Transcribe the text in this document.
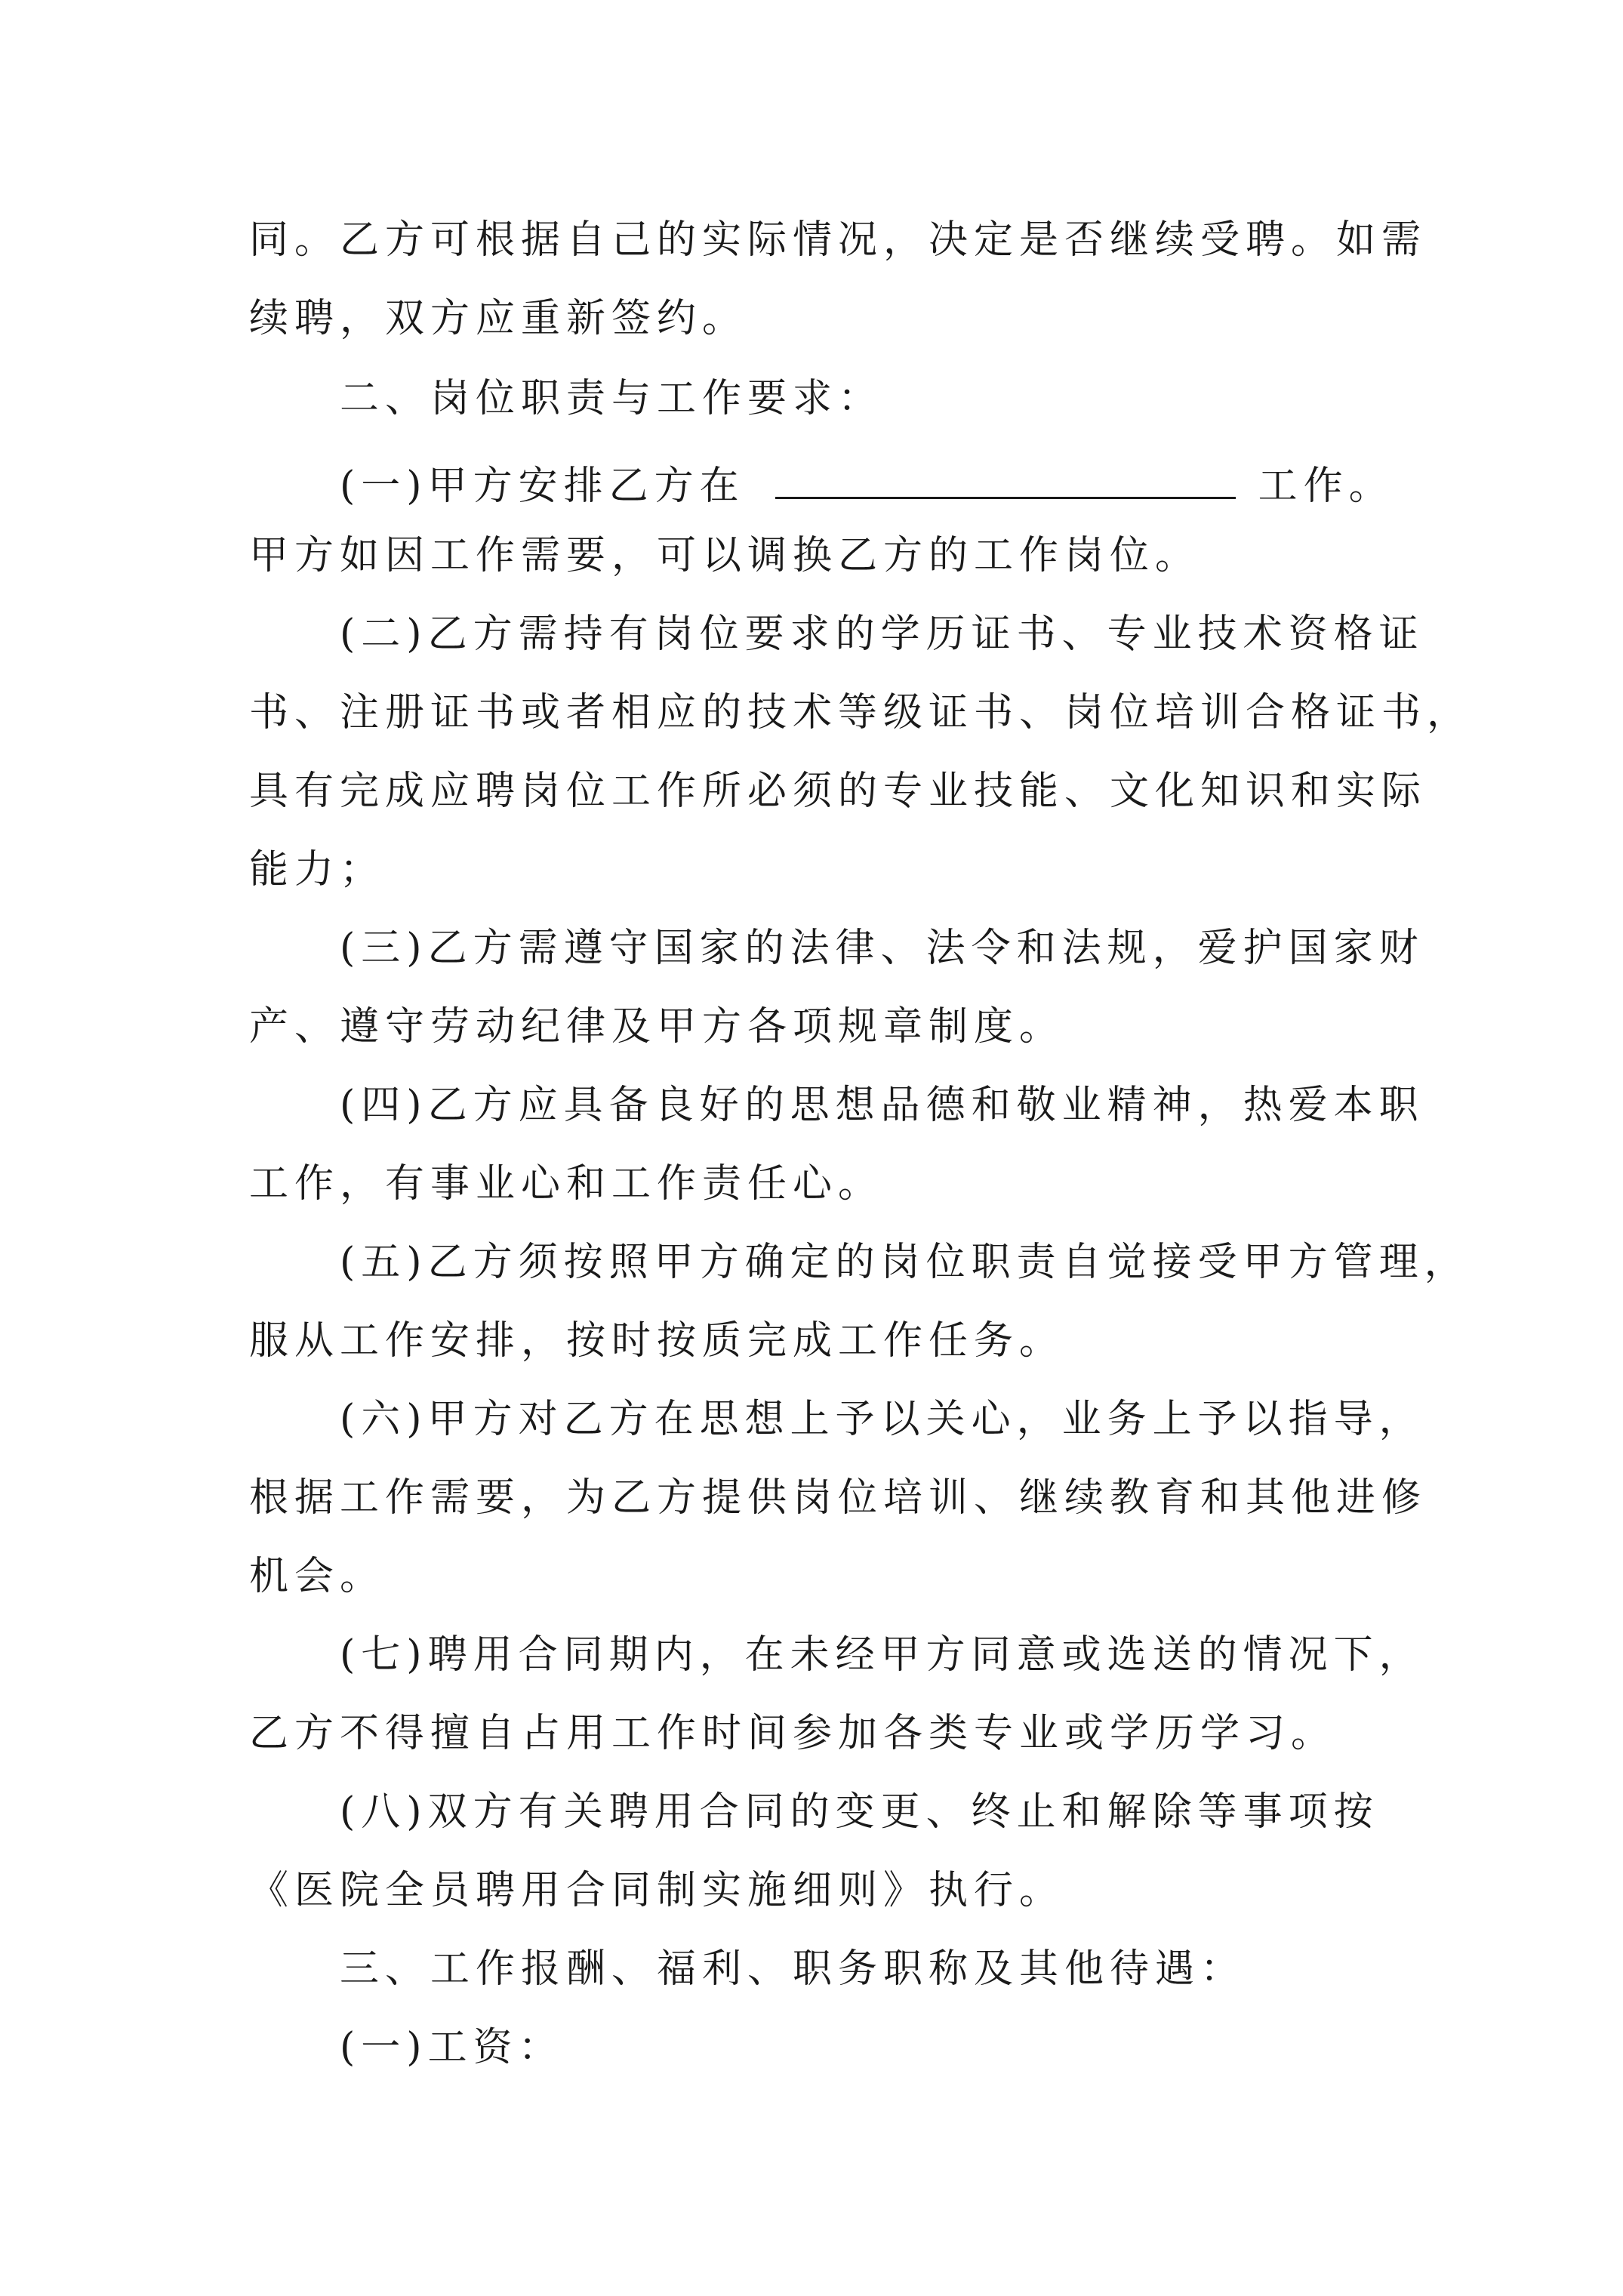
同。乙方可根据自己的实际情况，决定是否继续受聘。如需
续聘，双方应重新签约。
二、岗位职责与工作要求：
(一)甲方安排乙方在	工作。
甲方如因工作需要，可以调换乙方的工作岗位。
(二)乙方需持有岗位要求的学历证书、专业技术资格证
书、注册证书或者相应的技术等级证书、岗位培训合格证书，
具有完成应聘岗位工作所必须的专业技能、文化知识和实际
能力；
(三)乙方需遵守国家的法律、法令和法规，爱护国家财
产、遵守劳动纪律及甲方各项规章制度。
(四)乙方应具备良好的思想品德和敬业精神，热爱本职
工作，有事业心和工作责任心。
(五)乙方须按照甲方确定的岗位职责自觉接受甲方管理，
服从工作安排，按时按质完成工作任务。
(六)甲方对乙方在思想上予以关心，业务上予以指导，
根据工作需要，为乙方提供岗位培训、继续教育和其他进修
机会。
(七)聘用合同期内，在未经甲方同意或选送的情况下，
乙方不得擅自占用工作时间参加各类专业或学历学习。
(八)双方有关聘用合同的变更、终止和解除等事项按
《医院全员聘用合同制实施细则》执行。
三、工作报酬、福利、职务职称及其他待遇：
(一)工资：
